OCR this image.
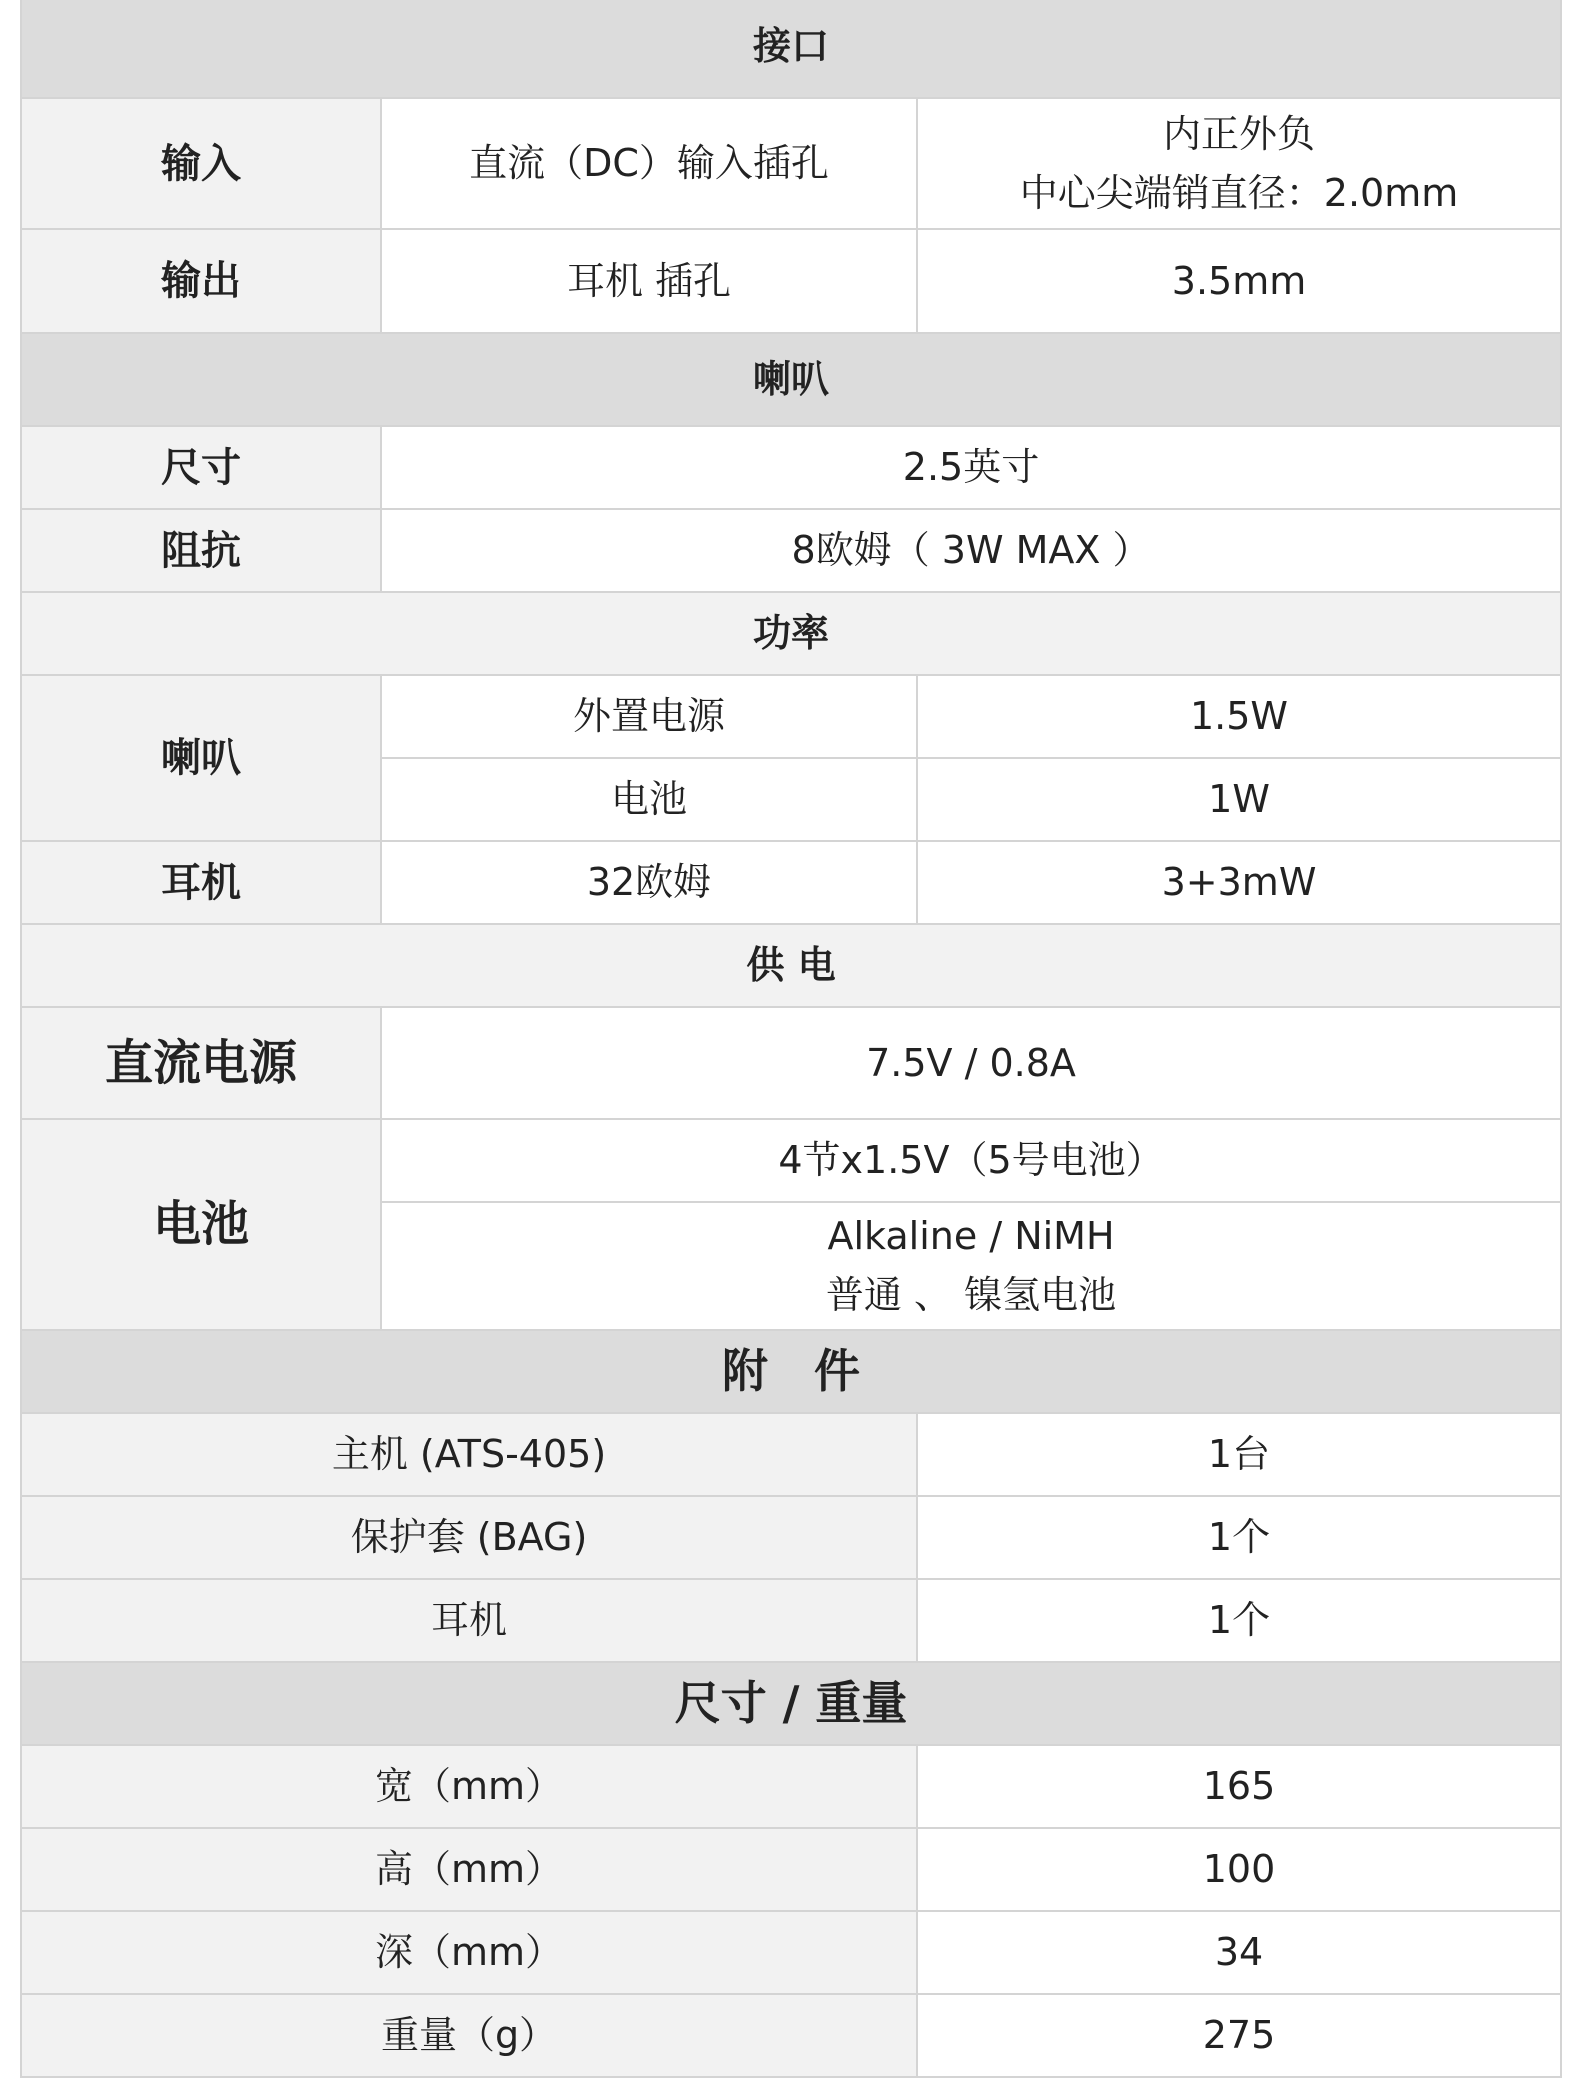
接口		
输入	直流（DC）输入插孔	内正外负
中心尖端销直径：2.0mm

输出	耳机 插孔	3.5mm
喇叭		
尺寸	2.5英寸	
阻抗	8欧姆（ 3W MAX ）	
功率		
喇叭	外置电源	1.5W
	电池	1W
耳机	32欧姆	3+3mW
供 电		
直流电源	7.5V / 0.8A	
电池	4节x1.5V（5号电池）	

	Alkaline / NiMH
普通 、 镍氢电池	

附　件		
主机 (ATS-405)		1台
保护套 (BAG)		1个
耳机		1个
尺寸 / 重量		
宽（mm）		165
高（mm）		100
深（mm）		34
重量（g）		275
